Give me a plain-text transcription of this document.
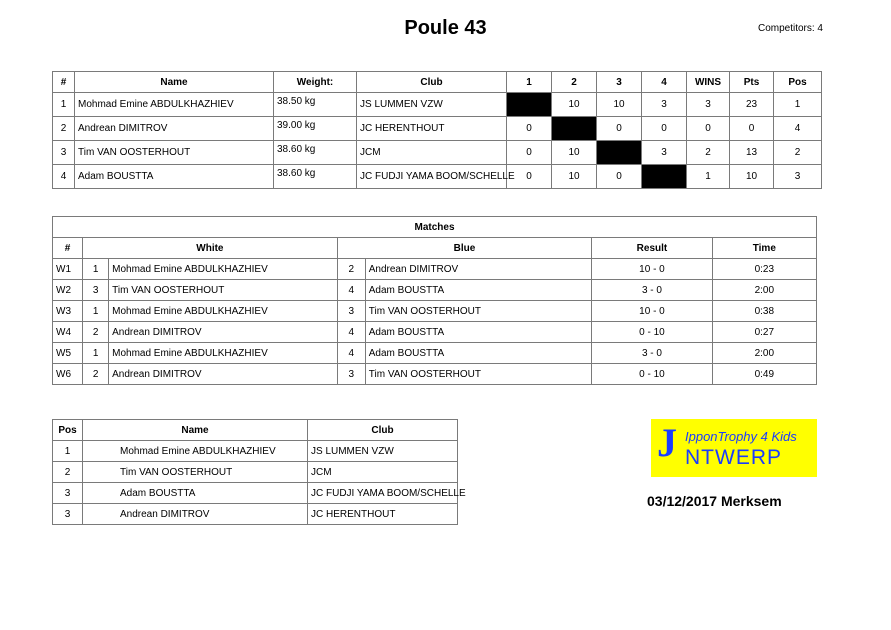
Poule 43	Competitors: 4
#	Name	Weight:	Club	1	2	3	4	WINS	Pts	Pos
1	Mohmad Emine ABDULKHAZHIEV	38.50 kg	JS LUMMEN VZW		10	10	3	3	23	1
2	Andrean DIMITROV	39.00 kg	JC HERENTHOUT	0		0	0	0	0	4
3	Tim VAN OOSTERHOUT	38.60 kg	JCM	0	10		3	2	13	2
4	Adam BOUSTTA	38.60 kg	JC FUDJI YAMA BOOM/SCHELLE	0	10	0		1	10	3
Matches						
#	White		Blue		Result	Time
W1	1	Mohmad Emine ABDULKHAZHIEV	2	Andrean DIMITROV	10 - 0	0:23
W2	3	Tim VAN OOSTERHOUT	4	Adam BOUSTTA	3 - 0	2:00
W3	1	Mohmad Emine ABDULKHAZHIEV	3	Tim VAN OOSTERHOUT	10 - 0	0:38
W4	2	Andrean DIMITROV	4	Adam BOUSTTA	0 - 10	0:27
W5	1	Mohmad Emine ABDULKHAZHIEV	4	Adam BOUSTTA	3 - 0	2:00
W6	2	Andrean DIMITROV	3	Tim VAN OOSTERHOUT	0 - 10	0:49
Pos	Name	Club
1	Mohmad Emine ABDULKHAZHIEV	JS LUMMEN VZW
2	Tim VAN OOSTERHOUT	JCM
3	Adam BOUSTTA	JC FUDJI YAMA BOOM/SCHELLE
3	Andrean DIMITROV	JC HERENTHOUT
J IpponTrophy 4 Kids
NTWERP
03/12/2017 Merksem
